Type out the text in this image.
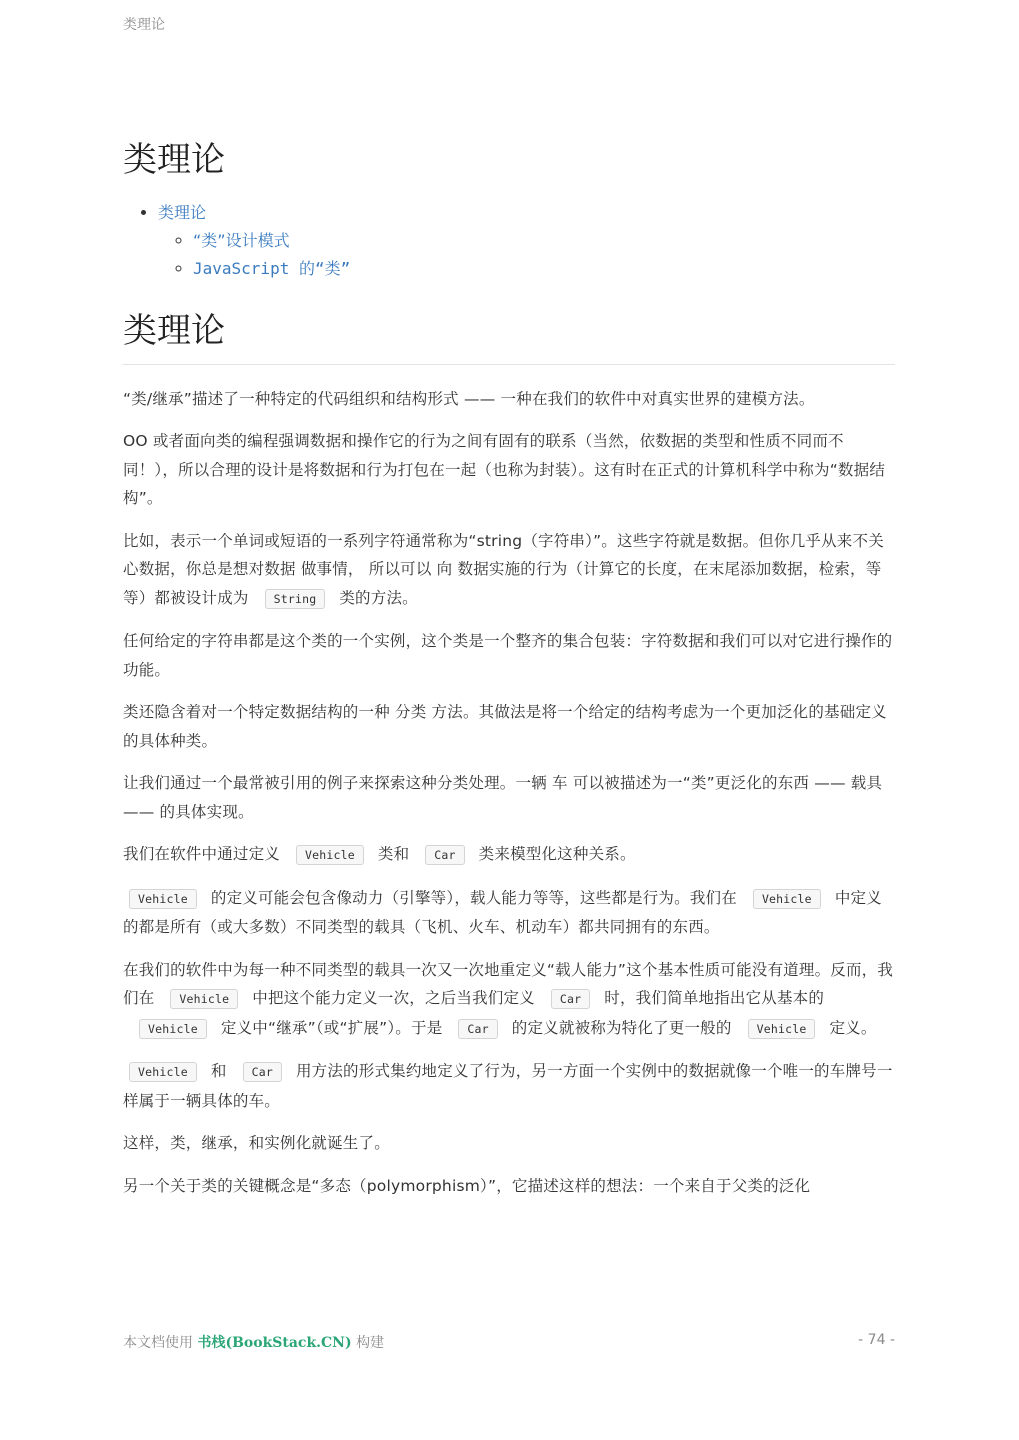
类理论
类理论
• 类理论
◦ “类”设计模式
◦ JavaScript 的“类”
类理论

“类/继承”描述了一种特定的代码组织和结构形式 —— 一种在我们的软件中对真实世界的建模方法。

OO 或者面向类的编程强调数据和操作它的行为之间有固有的联系（当然，依数据的类型和性质不同而不同！），所以合理的设计是将数据和行为打包在一起（也称为封装）。这有时在正式的计算机科学中称为“数据结构”。

比如，表示一个单词或短语的一系列字符通常称为“string（字符串）”。这些字符就是数据。但你几乎从来不关心数据，你总是想对数据 做事情， 所以可以 向 数据实施的行为（计算它的长度，在末尾添加数据，检索，等等）都被设计成为 String 类的方法。

任何给定的字符串都是这个类的一个实例，这个类是一个整齐的集合包装：字符数据和我们可以对它进行操作的功能。

类还隐含着对一个特定数据结构的一种 分类 方法。其做法是将一个给定的结构考虑为一个更加泛化的基础定义的具体种类。

让我们通过一个最常被引用的例子来探索这种分类处理。一辆 车 可以被描述为一“类”更泛化的东西 —— 载具 —— 的具体实现。

我们在软件中通过定义 Vehicle 类和 Car 类来模型化这种关系。

Vehicle 的定义可能会包含像动力（引擎等），载人能力等等，这些都是行为。我们在 Vehicle 中定义的都是所有（或大多数）不同类型的载具（飞机、火车、机动车）都共同拥有的东西。

在我们的软件中为每一种不同类型的载具一次又一次地重定义“载人能力”这个基本性质可能没有道理。反而，我们在 Vehicle 中把这个能力定义一次，之后当我们定义 Car 时，我们简单地指出它从基本的Vehicle 定义中“继承”（或“扩展”）。于是 Car 的定义就被称为特化了更一般的 Vehicle 定义。

Vehicle 和 Car 用方法的形式集约地定义了行为，另一方面一个实例中的数据就像一个唯一的车牌号一样属于一辆具体的车。

这样，类，继承，和实例化就诞生了。

另一个关于类的关键概念是“多态（polymorphism）”，它描述这样的想法：一个来自于父类的泛化

本文档使用 书栈(BookStack.CN) 构建	- 74 -
